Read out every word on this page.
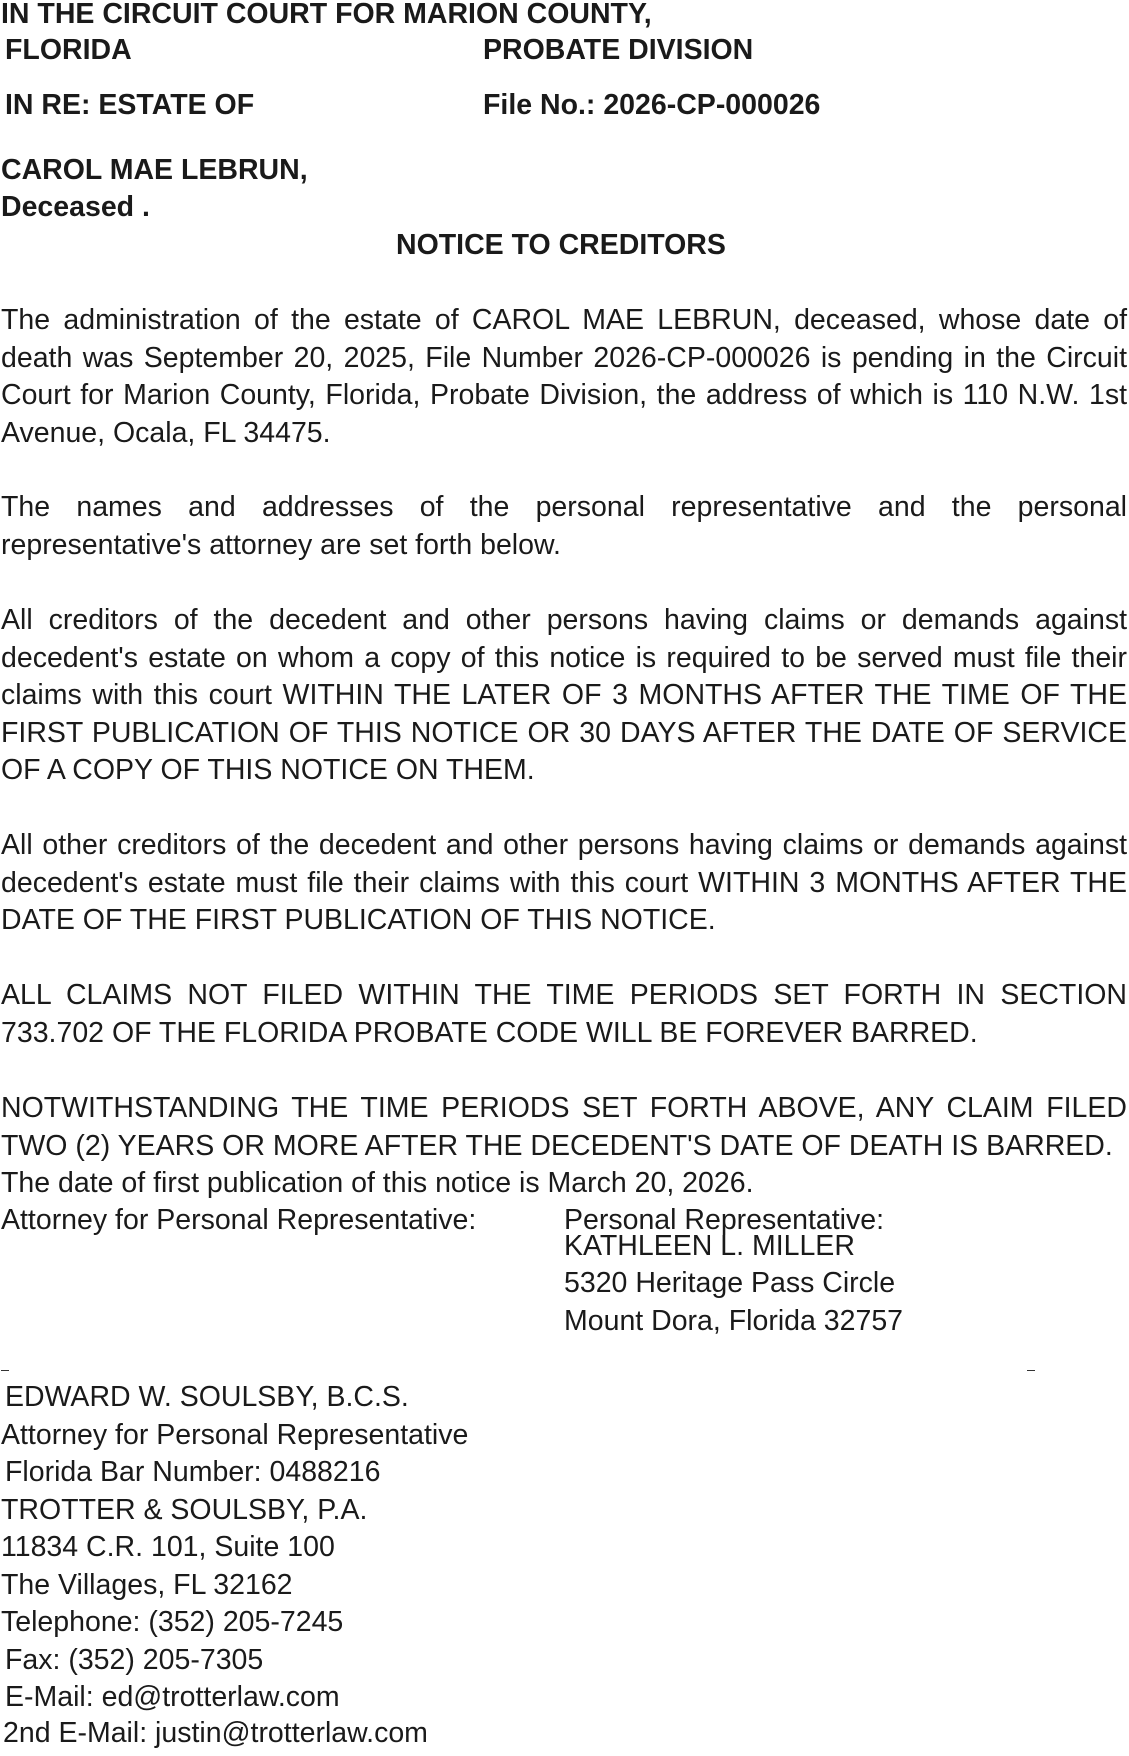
IN THE CIRCUIT COURT FOR MARION COUNTY,
FLORIDA	PROBATE DIVISION
IN RE: ESTATE OF	File No.: 2026-CP-000026
CAROL MAE LEBRUN,
Deceased .
NOTICE TO CREDITORS

The administration of the estate of CAROL MAE LEBRUN, deceased, whose date of death was September 20, 2025, File Number 2026-CP-000026 is pending in the Circuit Court for Marion County, Florida, Probate Division, the address of which is 110 N.W. 1st Avenue, Ocala, FL 34475.

The names and addresses of the personal representative and the personal representative's attorney are set forth below.

All creditors of the decedent and other persons having claims or demands against decedent's estate on whom a copy of this notice is required to be served must file their claims with this court WITHIN THE LATER OF 3 MONTHS AFTER THE TIME OF THE FIRST PUBLICATION OF THIS NOTICE OR 30 DAYS AFTER THE DATE OF SERVICE OF A COPY OF THIS NOTICE ON THEM.

All other creditors of the decedent and other persons having claims or demands against decedent's estate must file their claims with this court WITHIN 3 MONTHS AFTER THE DATE OF THE FIRST PUBLICATION OF THIS NOTICE.

ALL CLAIMS NOT FILED WITHIN THE TIME PERIODS SET FORTH IN SECTION 733.702 OF THE FLORIDA PROBATE CODE WILL BE FOREVER BARRED.

NOTWITHSTANDING THE TIME PERIODS SET FORTH ABOVE, ANY CLAIM FILED TWO (2) YEARS OR MORE AFTER THE DECEDENT'S DATE OF DEATH IS BARRED.

The date of first publication of this notice is March 20, 2026.
Attorney for Personal Representative:	Personal Representative:
KATHLEEN L. MILLER
5320 Heritage Pass Circle
Mount Dora, Florida 32757
EDWARD W. SOULSBY, B.C.S.
Attorney for Personal Representative
Florida Bar Number: 0488216
TROTTER & SOULSBY, P.A.
11834 C.R. 101, Suite 100
The Villages, FL 32162
Telephone: (352) 205-7245
Fax: (352) 205-7305
E-Mail: ed@trotterlaw.com
2nd E-Mail: justin@trotterlaw.com
